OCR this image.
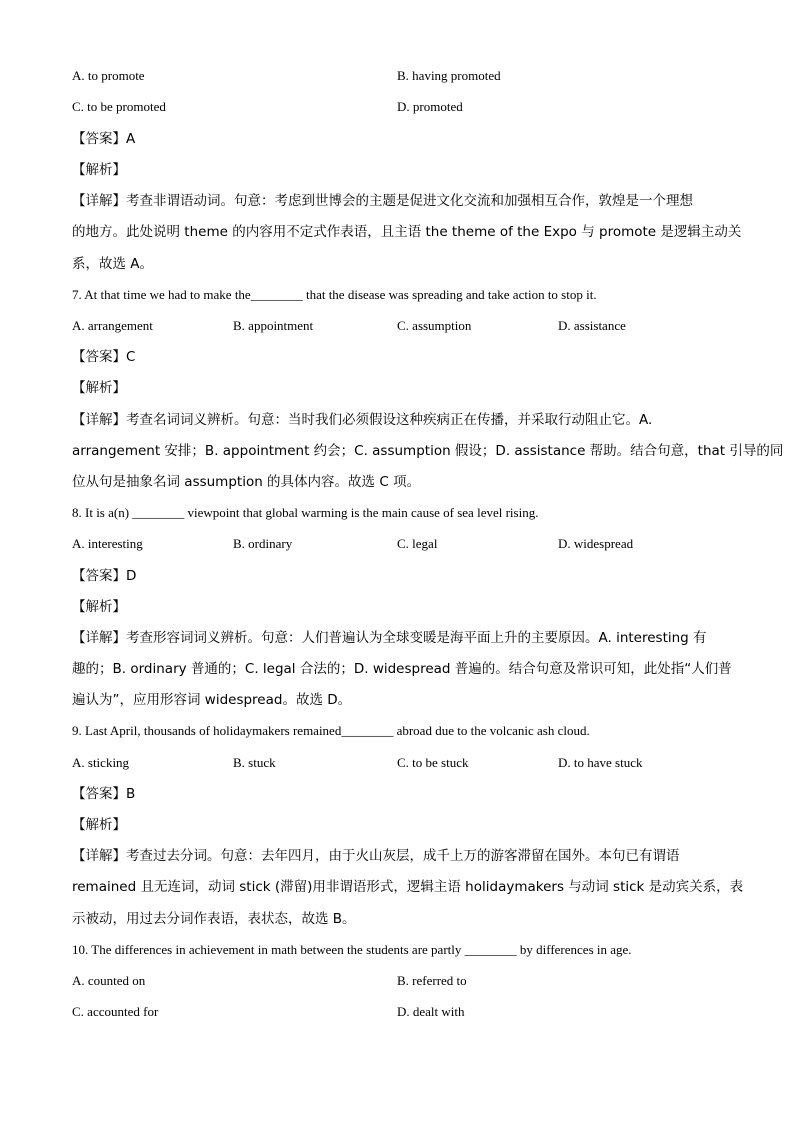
A. to promote	B. having promoted
C. to be promoted	D. promoted
【答案】A
【解析】
【详解】考查非谓语动词。句意：考虑到世博会的主题是促进文化交流和加强相互合作，敦煌是一个理想
的地方。此处说明 theme 的内容用不定式作表语，且主语 the theme of the Expo 与 promote 是逻辑主动关
系，故选 A。
7. At that time we had to make the________ that the disease was spreading and take action to stop it.
A. arrangement	B. appointment	C. assumption	D. assistance
【答案】C
【解析】
【详解】考查名词词义辨析。句意：当时我们必须假设这种疾病正在传播，并采取行动阻止它。A.
arrangement 安排；B. appointment 约会；C. assumption 假设；D. assistance 帮助。结合句意，that 引导的同
位从句是抽象名词 assumption 的具体内容。故选 C 项。
8. It is a(n) ________ viewpoint that global warming is the main cause of sea level rising.
A. interesting	B. ordinary	C. legal	D. widespread
【答案】D
【解析】
【详解】考查形容词词义辨析。句意：人们普遍认为全球变暖是海平面上升的主要原因。A. interesting 有
趣的；B. ordinary 普通的；C. legal 合法的；D. widespread 普遍的。结合句意及常识可知，此处指“人们普
遍认为”，应用形容词 widespread。故选 D。
9. Last April, thousands of holidaymakers remained________ abroad due to the volcanic ash cloud.
A. sticking	B. stuck	C. to be stuck	D. to have stuck
【答案】B
【解析】
【详解】考查过去分词。句意：去年四月，由于火山灰层，成千上万的游客滞留在国外。本句已有谓语
remained 且无连词，动词 stick (滞留)用非谓语形式，逻辑主语 holidaymakers 与动词 stick 是动宾关系，表
示被动，用过去分词作表语，表状态，故选 B。
10. The differences in achievement in math between the students are partly ________ by differences in age.
A. counted on	B. referred to
C. accounted for	D. dealt with
